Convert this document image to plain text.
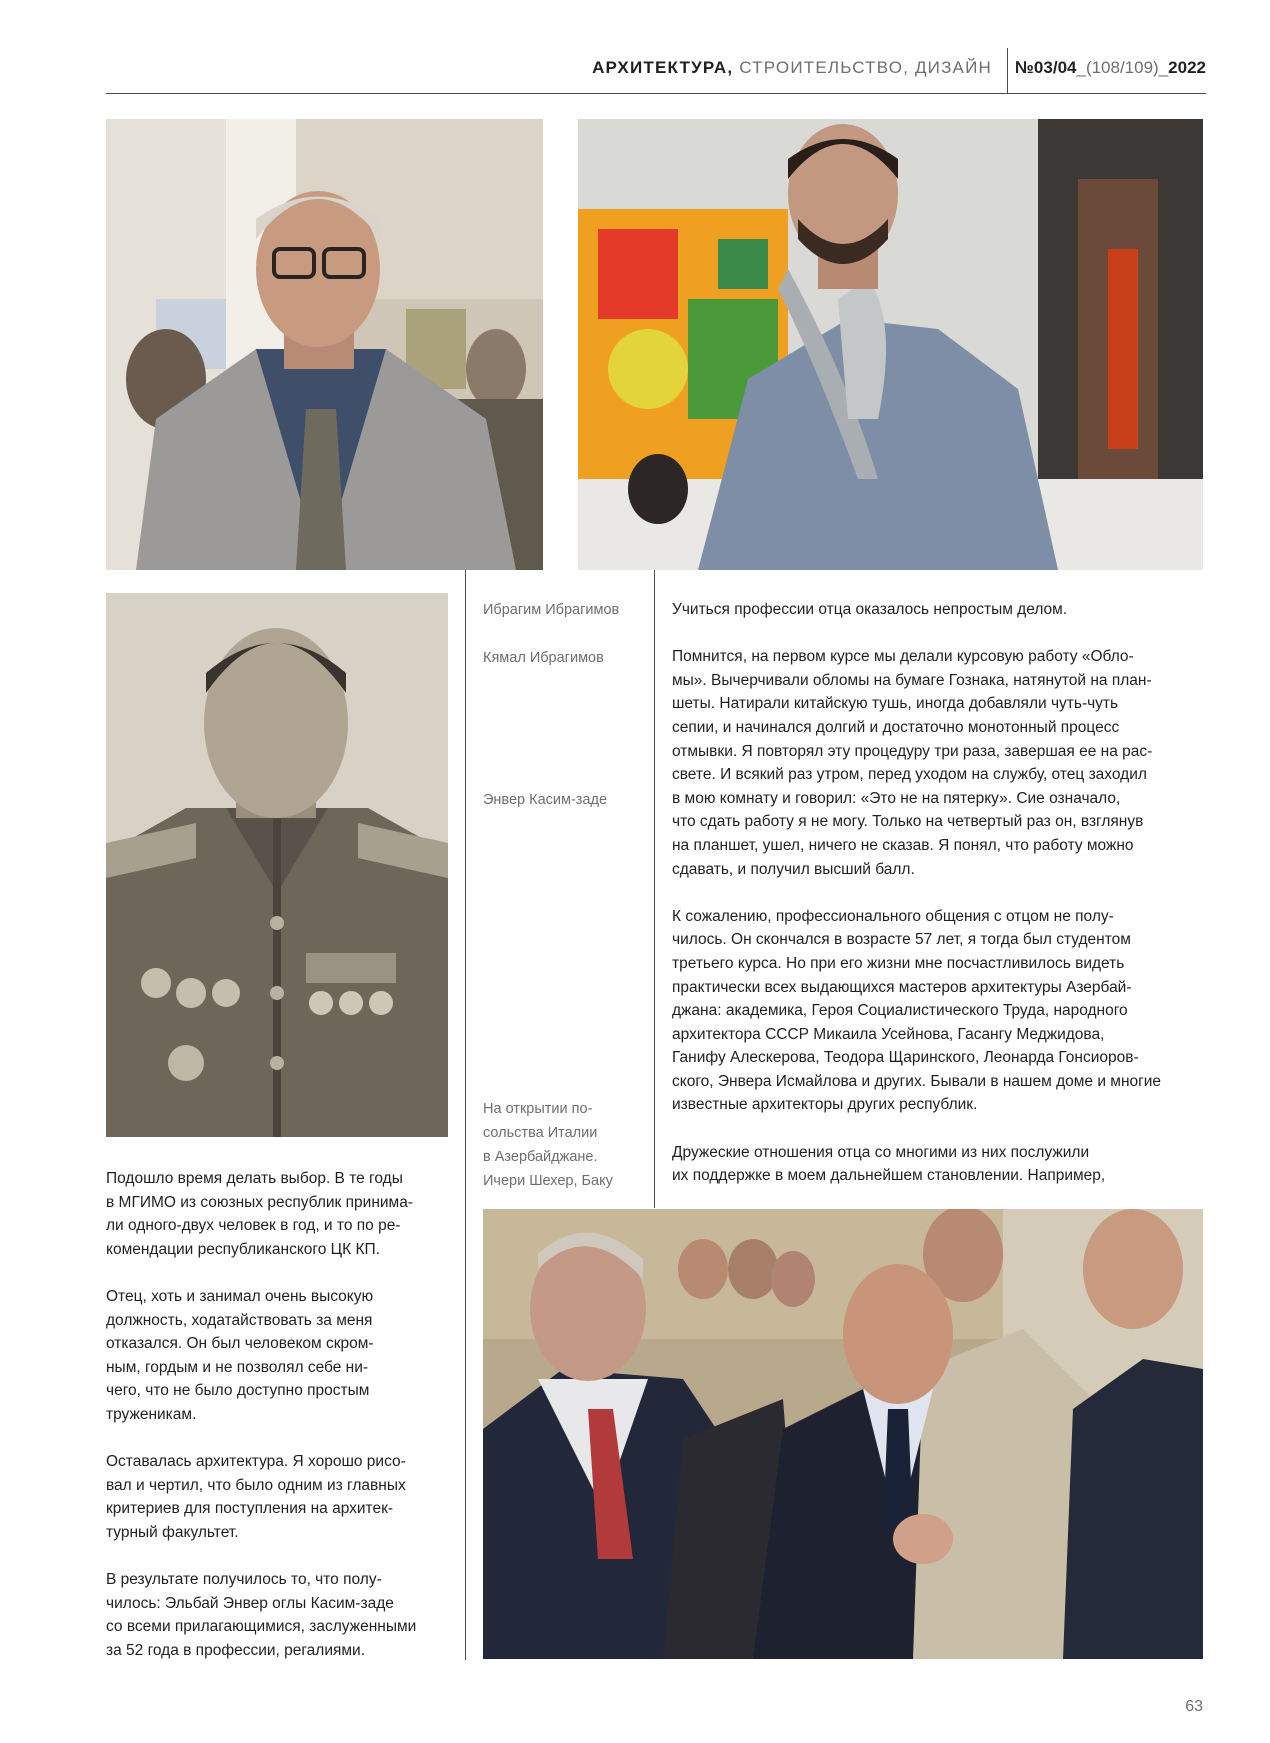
АРХИТЕКТУРА, СТРОИТЕЛЬСТВО, ДИЗАЙН №03/04_(108/109)_2022
Ибрагим Ибрагимов
Кямал Ибрагимов
Энвер Касим-заде
На открытии по-
сольства Италии
в Азербайджане.
Ичери Шехер, Баку

Учиться профессии отца оказалось непростым делом.

Помнится, на первом курсе мы делали курсовую работу «Обло-
мы». Вычерчивали обломы на бумаге Гознака, натянутой на план-
шеты. Натирали китайскую тушь, иногда добавляли чуть-чуть
сепии, и начинался долгий и достаточно монотонный процесс
отмывки. Я повторял эту процедуру три раза, завершая ее на рас-
свете. И всякий раз утром, перед уходом на службу, отец заходил
в мою комнату и говорил: «Это не на пятерку». Сие означало,
что сдать работу я не могу. Только на четвертый раз он, взглянув
на планшет, ушел, ничего не сказав. Я понял, что работу можно
сдавать, и получил высший балл.

К сожалению, профессионального общения с отцом не полу-
чилось. Он скончался в возрасте 57 лет, я тогда был студентом
третьего курса. Но при его жизни мне посчастливилось видеть
практически всех выдающихся мастеров архитектуры Азербай-
джана: академика, Героя Социалистического Труда, народного
архитектора СССР Микаила Усейнова, Гасангу Меджидова,
Ганифу Алескерова, Теодора Щаринского, Леонарда Гонсиоров-
ского, Энвера Исмайлова и других. Бывали в нашем доме и многие
известные архитекторы других республик.

Дружеские отношения отца со многими из них послужили
их поддержке в моем дальнейшем становлении. Например,

Подошло время делать выбор. В те годы
в МГИМО из союзных республик принима-
ли одного-двух человек в год, и то по ре-
комендации республиканского ЦК КП.

Отец, хоть и занимал очень высокую
должность, ходатайствовать за меня
отказался. Он был человеком скром-
ным, гордым и не позволял себе ни-
чего, что не было доступно простым
труженикам.

Оставалась архитектура. Я хорошо рисо-
вал и чертил, что было одним из главных
критериев для поступления на архитек-
турный факультет.

В результате получилось то, что полу-
чилось: Эльбай Энвер оглы Касим-заде
со всеми прилагающимися, заслуженными
за 52 года в профессии, регалиями.

63
